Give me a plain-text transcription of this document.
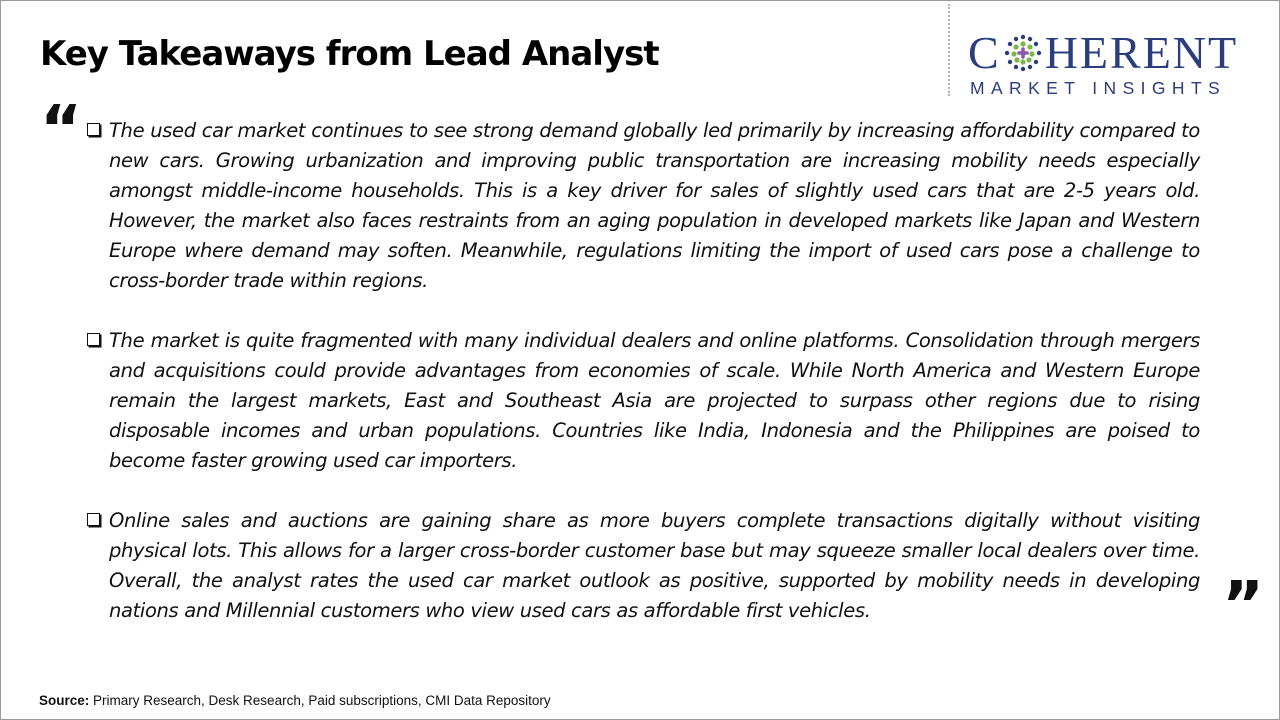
Key Takeaways from Lead Analyst	C HERENT
MARKET INSIGHTS
“ The used car market continues to see strong demand globally led primarily by increasing affordability compared to new cars. Growing urbanization and improving public transportation are increasing mobility needs especially amongst middle-income households. This is a key driver for sales of slightly used cars that are 2-5 years old. However, the market also faces restraints from an aging population in developed markets like Japan and Western Europe where demand may soften. Meanwhile, regulations limiting the import of used cars pose a challenge to cross-border trade within regions.

The market is quite fragmented with many individual dealers and online platforms. Consolidation through mergers and acquisitions could provide advantages from economies of scale. While North America and Western Europe remain the largest markets, East and Southeast Asia are projected to surpass other regions due to rising disposable incomes and urban populations. Countries like India, Indonesia and the Philippines are poised to become faster growing used car importers.

Online sales and auctions are gaining share as more buyers complete transactions digitally without visiting physical lots. This allows for a larger cross-border customer base but may squeeze smaller local dealers over time. Overall, the analyst rates the used car market outlook as positive, supported by mobility needs in developing nations and Millennial customers who view used cars as affordable first vehicles.	”
Source: Primary Research, Desk Research, Paid subscriptions, CMI Data Repository
